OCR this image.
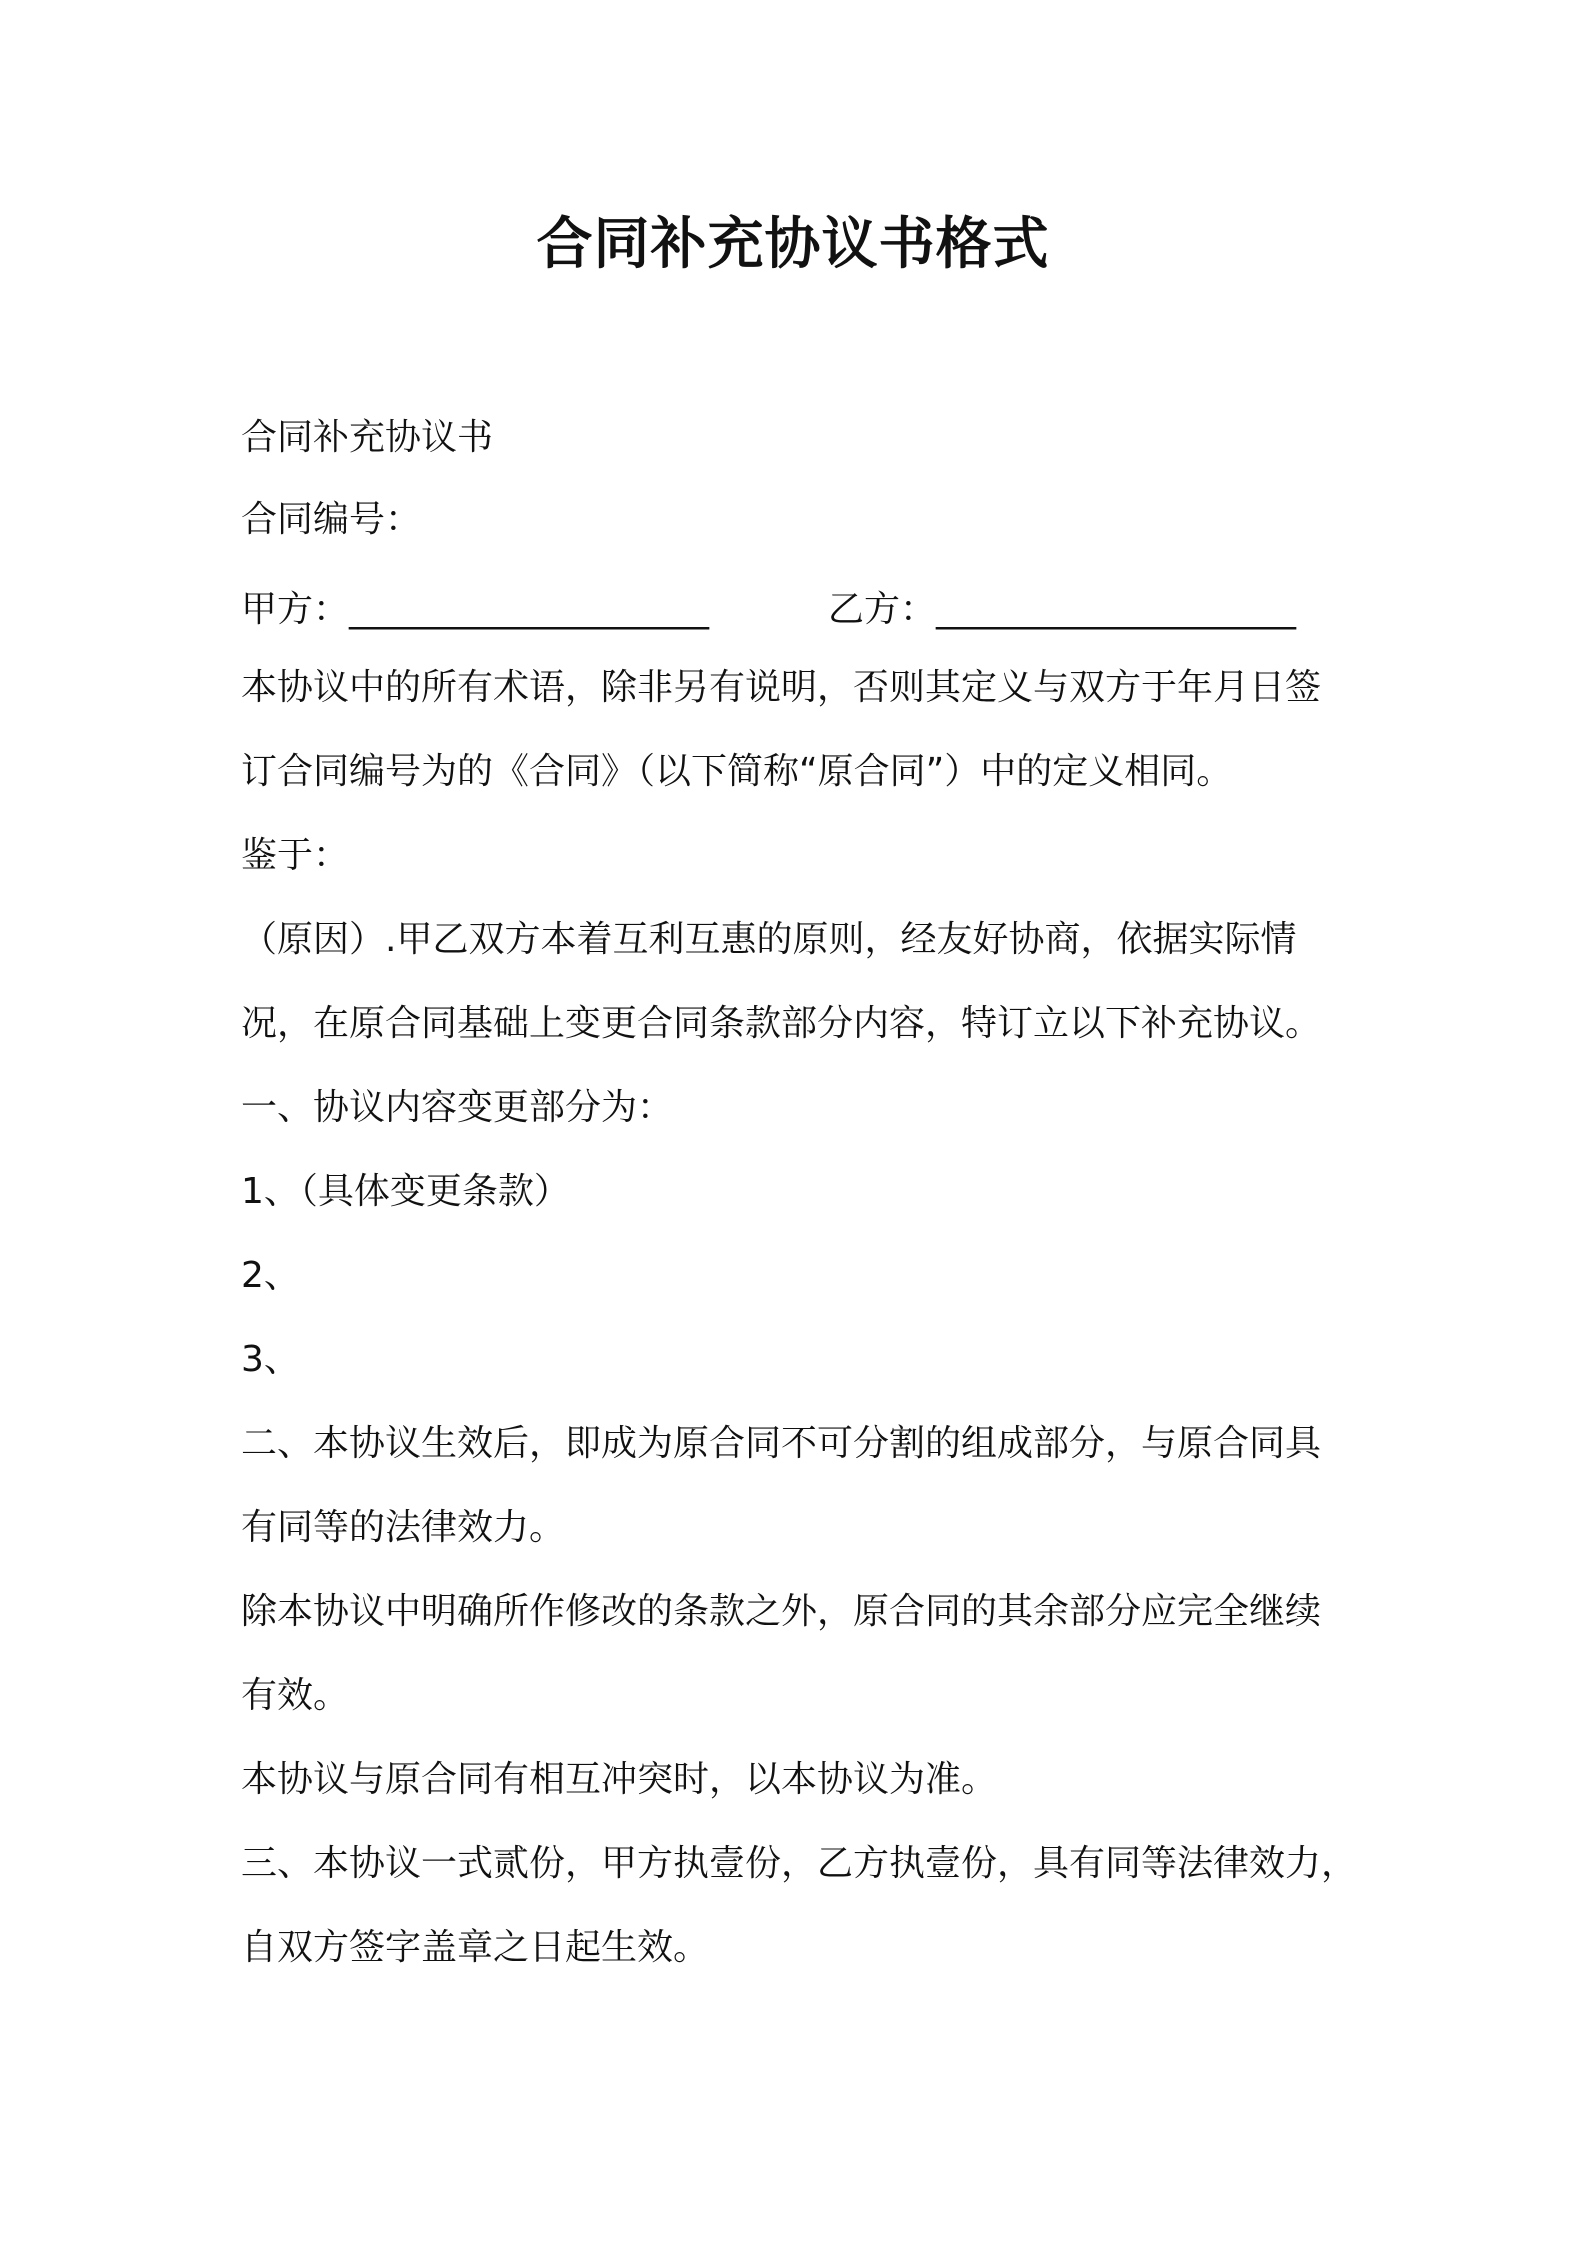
合同补充协议书格式
合同补充协议书
合同编号：
甲方：____________________	乙方：____________________
本协议中的所有术语，除非另有说明，否则其定义与双方于年月日签
订合同编号为的《合同》（以下简称“原合同”）中的定义相同。
鉴于：
（原因）.甲乙双方本着互利互惠的原则，经友好协商，依据实际情
况，在原合同基础上变更合同条款部分内容，特订立以下补充协议。
一、协议内容变更部分为：
1、（具体变更条款）
2、
3、
二、本协议生效后，即成为原合同不可分割的组成部分，与原合同具
有同等的法律效力。
除本协议中明确所作修改的条款之外，原合同的其余部分应完全继续
有效。
本协议与原合同有相互冲突时，以本协议为准。
三、本协议一式贰份，甲方执壹份，乙方执壹份，具有同等法律效力，
自双方签字盖章之日起生效。
